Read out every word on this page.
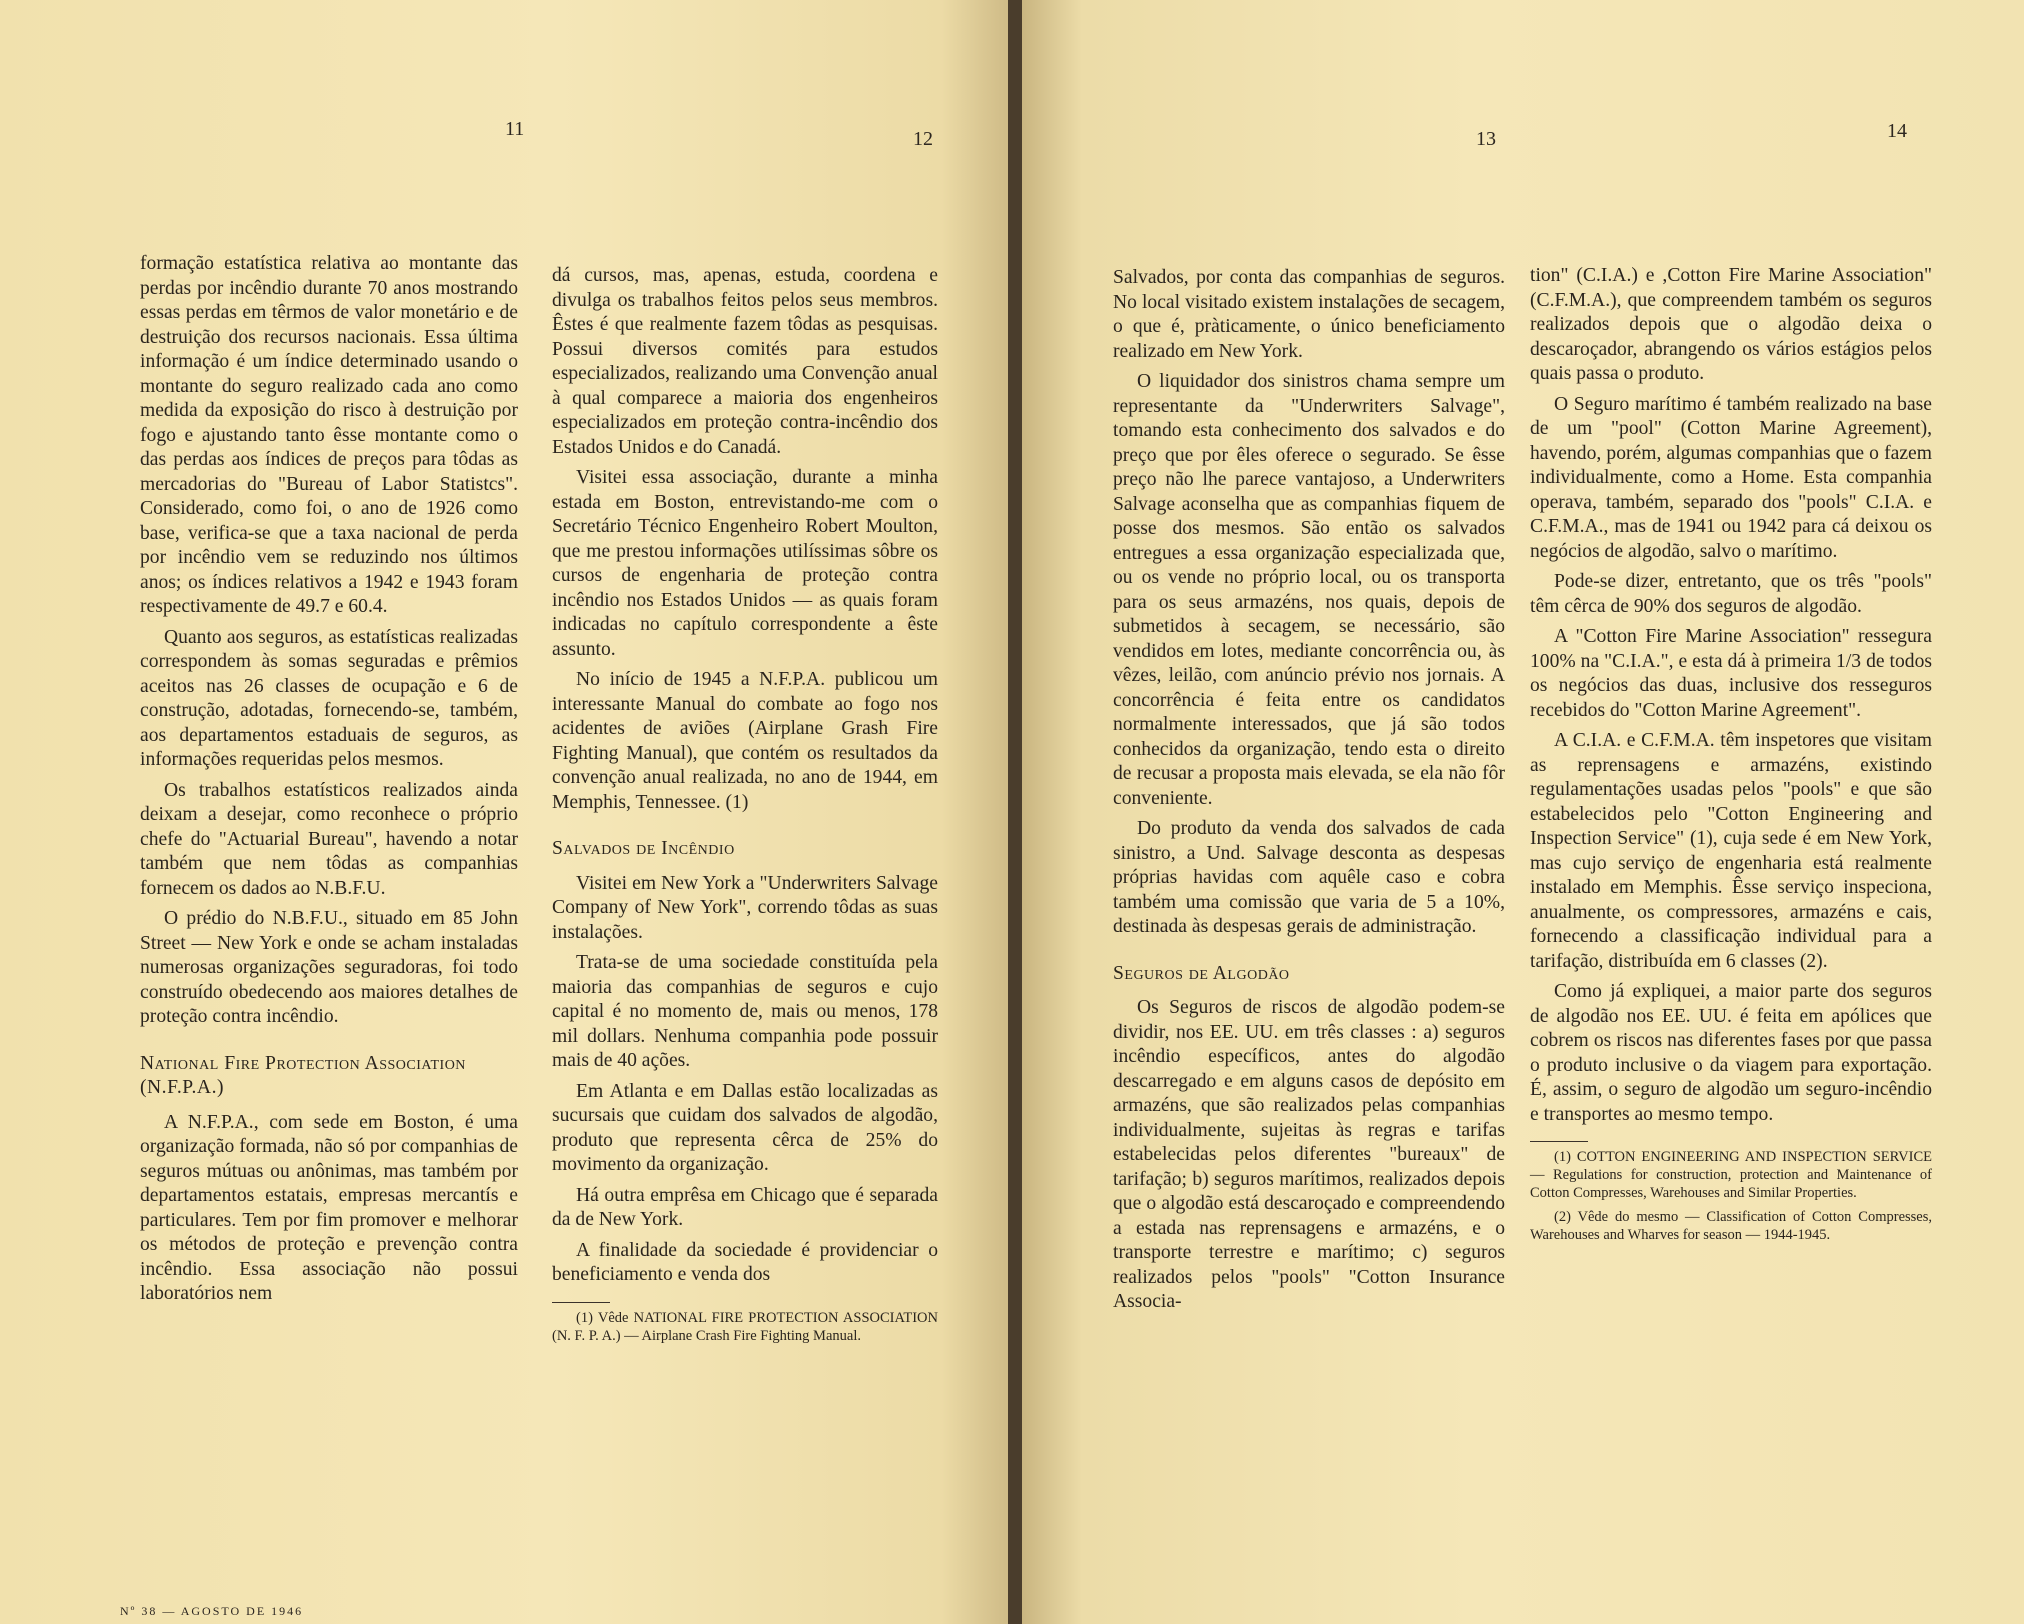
11	12	13	14

formação estatística relativa ao montante das perdas por incêndio durante 70 anos mostrando essas perdas em têrmos de valor monetário e de destruição dos recursos nacionais. Essa última informação é um índice determinado usando o montante do seguro realizado cada ano como medida da exposição do risco à destruição por fogo e ajustando tanto êsse montante como o das perdas aos índices de preços para tôdas as mercadorias do "Bureau of Labor Statistcs". Considerado, como foi, o ano de 1926 como base, verifica-se que a taxa nacional de perda por incêndio vem se reduzindo nos últimos anos; os índices relativos a 1942 e 1943 foram respectivamente de 49.7 e 60.4.

Quanto aos seguros, as estatísticas realizadas correspondem às somas seguradas e prêmios aceitos nas 26 classes de ocupação e 6 de construção, adotadas, fornecendo-se, também, aos departamentos estaduais de seguros, as informações requeridas pelos mesmos.

Os trabalhos estatísticos realizados ainda deixam a desejar, como reconhece o próprio chefe do "Actuarial Bureau", havendo a notar também que nem tôdas as companhias fornecem os dados ao N.B.F.U.

O prédio do N.B.F.U., situado em 85 John Street — New York e onde se acham instaladas numerosas organizações seguradoras, foi todo construído obedecendo aos maiores detalhes de proteção contra incêndio.

National Fire Protection Association (N.F.P.A.)

A N.F.P.A., com sede em Boston, é uma organização formada, não só por companhias de seguros mútuas ou anônimas, mas também por departamentos estatais, empresas mercantís e particulares. Tem por fim promover e melhorar os métodos de proteção e prevenção contra incêndio. Essa associação não possui laboratórios nem

dá cursos, mas, apenas, estuda, coordena e divulga os trabalhos feitos pelos seus membros. Êstes é que realmente fazem tôdas as pesquisas. Possui diversos comités para estudos especializados, realizando uma Convenção anual à qual comparece a maioria dos engenheiros especializados em proteção contra-incêndio dos Estados Unidos e do Canadá.

Visitei essa associação, durante a minha estada em Boston, entrevistando-me com o Secretário Técnico Engenheiro Robert Moulton, que me prestou informações utilíssimas sôbre os cursos de engenharia de proteção contra incêndio nos Estados Unidos — as quais foram indicadas no capítulo correspondente a êste assunto.

No início de 1945 a N.F.P.A. publicou um interessante Manual do combate ao fogo nos acidentes de aviões (Airplane Grash Fire Fighting Manual), que contém os resultados da convenção anual realizada, no ano de 1944, em Memphis, Tennessee. (1)

Salvados de Incêndio

Visitei em New York a "Underwriters Salvage Company of New York", correndo tôdas as suas instalações.

Trata-se de uma sociedade constituída pela maioria das companhias de seguros e cujo capital é no momento de, mais ou menos, 178 mil dollars. Nenhuma companhia pode possuir mais de 40 ações.

Em Atlanta e em Dallas estão localizadas as sucursais que cuidam dos salvados de algodão, produto que representa cêrca de 25% do movimento da organização.

Há outra emprêsa em Chicago que é separada da de New York.

A finalidade da sociedade é providenciar o beneficiamento e venda dos

(1) Vêde NATIONAL FIRE PROTECTION ASSOCIATION (N. F. P. A.) — Airplane Crash Fire Fighting Manual.

Salvados, por conta das companhias de seguros. No local visitado existem instalações de secagem, o que é, pràticamente, o único beneficiamento realizado em New York.

O liquidador dos sinistros chama sempre um representante da "Underwriters Salvage", tomando esta conhecimento dos salvados e do preço que por êles oferece o segurado. Se êsse preço não lhe parece vantajoso, a Underwriters Salvage aconselha que as companhias fiquem de posse dos mesmos. São então os salvados entregues a essa organização especializada que, ou os vende no próprio local, ou os transporta para os seus armazéns, nos quais, depois de submetidos à secagem, se necessário, são vendidos em lotes, mediante concorrência ou, às vêzes, leilão, com anúncio prévio nos jornais. A concorrência é feita entre os candidatos normalmente interessados, que já são todos conhecidos da organização, tendo esta o direito de recusar a proposta mais elevada, se ela não fôr conveniente.

Do produto da venda dos salvados de cada sinistro, a Und. Salvage desconta as despesas próprias havidas com aquêle caso e cobra também uma comissão que varia de 5 a 10%, destinada às despesas gerais de administração.

Seguros de Algodão

Os Seguros de riscos de algodão podem-se dividir, nos EE. UU. em três classes : a) seguros incêndio específicos, antes do algodão descarregado e em alguns casos de depósito em armazéns, que são realizados pelas companhias individualmente, sujeitas às regras e tarifas estabelecidas pelos diferentes "bureaux" de tarifação; b) seguros marítimos, realizados depois que o algodão está descaroçado e compreendendo a estada nas reprensagens e armazéns, e o transporte terrestre e marítimo; c) seguros realizados pelos "pools" "Cotton Insurance Associa-

tion" (C.I.A.) e ,Cotton Fire Marine Association" (C.F.M.A.), que compreendem também os seguros realizados depois que o algodão deixa o descaroçador, abrangendo os vários estágios pelos quais passa o produto.

O Seguro marítimo é também realizado na base de um "pool" (Cotton Marine Agreement), havendo, porém, algumas companhias que o fazem individualmente, como a Home. Esta companhia operava, também, separado dos "pools" C.I.A. e C.F.M.A., mas de 1941 ou 1942 para cá deixou os negócios de algodão, salvo o marítimo.

Pode-se dizer, entretanto, que os três "pools" têm cêrca de 90% dos seguros de algodão.

A "Cotton Fire Marine Association" ressegura 100% na "C.I.A.", e esta dá à primeira 1/3 de todos os negócios das duas, inclusive dos resseguros recebidos do "Cotton Marine Agreement".

A C.I.A. e C.F.M.A. têm inspetores que visitam as reprensagens e armazéns, existindo regulamentações usadas pelos "pools" e que são estabelecidos pelo "Cotton Engineering and Inspection Service" (1), cuja sede é em New York, mas cujo serviço de engenharia está realmente instalado em Memphis. Êsse serviço inspeciona, anualmente, os compressores, armazéns e cais, fornecendo a classificação individual para a tarifação, distribuída em 6 classes (2).

Como já expliquei, a maior parte dos seguros de algodão nos EE. UU. é feita em apólices que cobrem os riscos nas diferentes fases por que passa o produto inclusive o da viagem para exportação. É, assim, o seguro de algodão um seguro-incêndio e transportes ao mesmo tempo.

(1) COTTON ENGINEERING AND INSPECTION SERVICE — Regulations for construction, protection and Maintenance of Cotton Compresses, Warehouses and Similar Properties.

(2) Vêde do mesmo — Classification of Cotton Compresses, Warehouses and Wharves for season — 1944-1945.

Nº 38 — AGOSTO DE 1946
